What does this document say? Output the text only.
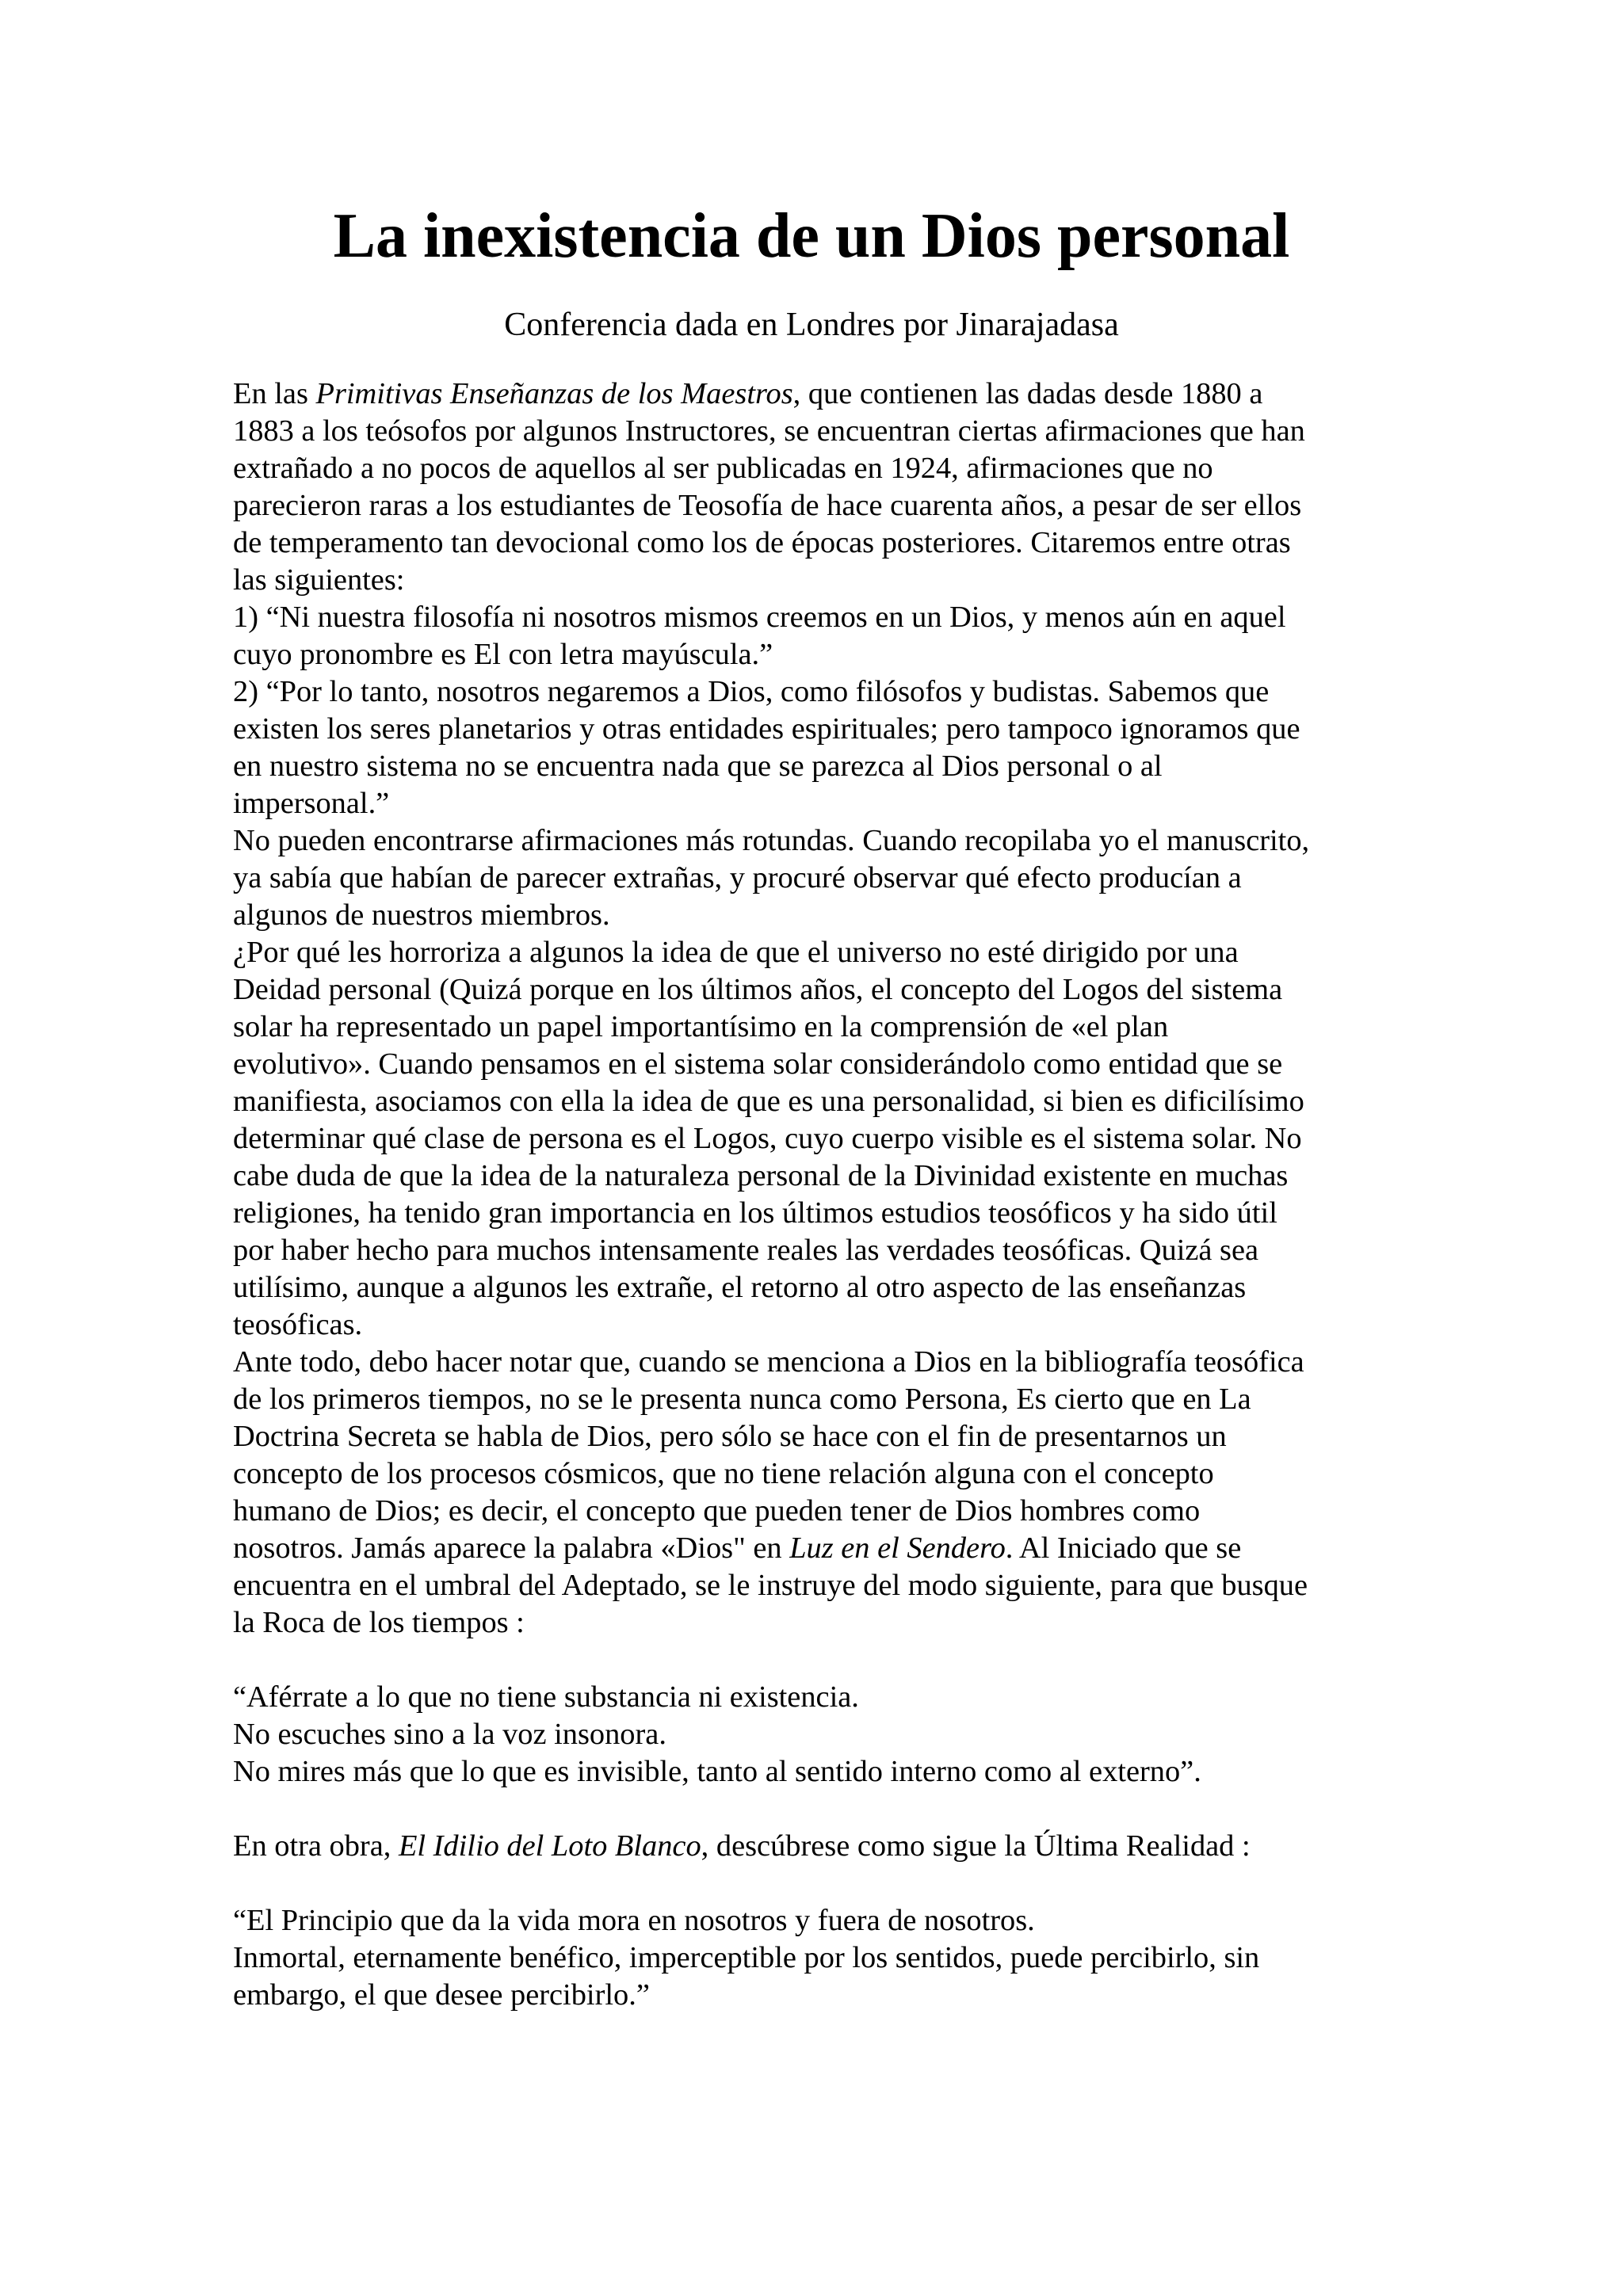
La inexistencia de un Dios personal
Conferencia dada en Londres por Jinarajadasa
En las Primitivas Enseñanzas de los Maestros, que contienen las dadas desde 1880 a
1883 a los teósofos por algunos Instructores, se encuentran ciertas afirmaciones que han
extrañado a no pocos de aquellos al ser publicadas en 1924, afirmaciones que no
parecieron raras a los estudiantes de Teosofía de hace cuarenta años, a pesar de ser ellos
de temperamento tan devocional como los de épocas posteriores. Citaremos entre otras
las siguientes:
1) “Ni nuestra filosofía ni nosotros mismos creemos en un Dios, y menos aún en aquel
cuyo pronombre es El con letra mayúscula.”
2) “Por lo tanto, nosotros negaremos a Dios, como filósofos y budistas. Sabemos que
existen los seres planetarios y otras entidades espirituales; pero tampoco ignoramos que
en nuestro sistema no se encuentra nada que se parezca al Dios personal o al
impersonal.”
No pueden encontrarse afirmaciones más rotundas. Cuando recopilaba yo el manuscrito,
ya sabía que habían de parecer extrañas, y procuré observar qué efecto producían a
algunos de nuestros miembros.
¿Por qué les horroriza a algunos la idea de que el universo no esté dirigido por una
Deidad personal (Quizá porque en los últimos años, el concepto del Logos del sistema
solar ha representado un papel importantísimo en la comprensión de «el plan
evolutivo». Cuando pensamos en el sistema solar considerándolo como entidad que se
manifiesta, asociamos con ella la idea de que es una personalidad, si bien es dificilísimo
determinar qué clase de persona es el Logos, cuyo cuerpo visible es el sistema solar. No
cabe duda de que la idea de la naturaleza personal de la Divinidad existente en muchas
religiones, ha tenido gran importancia en los últimos estudios teosóficos y ha sido útil
por haber hecho para muchos intensamente reales las verdades teosóficas. Quizá sea
utilísimo, aunque a algunos les extrañe, el retorno al otro aspecto de las enseñanzas
teosóficas.
Ante todo, debo hacer notar que, cuando se menciona a Dios en la bibliografía teosófica
de los primeros tiempos, no se le presenta nunca como Persona, Es cierto que en La
Doctrina Secreta se habla de Dios, pero sólo se hace con el fin de presentarnos un
concepto de los procesos cósmicos, que no tiene relación alguna con el concepto
humano de Dios; es decir, el concepto que pueden tener de Dios hombres como
nosotros. Jamás aparece la palabra «Dios" en Luz en el Sendero. Al Iniciado que se
encuentra en el umbral del Adeptado, se le instruye del modo siguiente, para que busque
la Roca de los tiempos :
“Aférrate a lo que no tiene substancia ni existencia.
No escuches sino a la voz insonora.
No mires más que lo que es invisible, tanto al sentido interno como al externo”.
En otra obra, El Idilio del Loto Blanco, descúbrese como sigue la Última Realidad :
“El Principio que da la vida mora en nosotros y fuera de nosotros.
Inmortal, eternamente benéfico, imperceptible por los sentidos, puede percibirlo, sin
embargo, el que desee percibirlo.”
